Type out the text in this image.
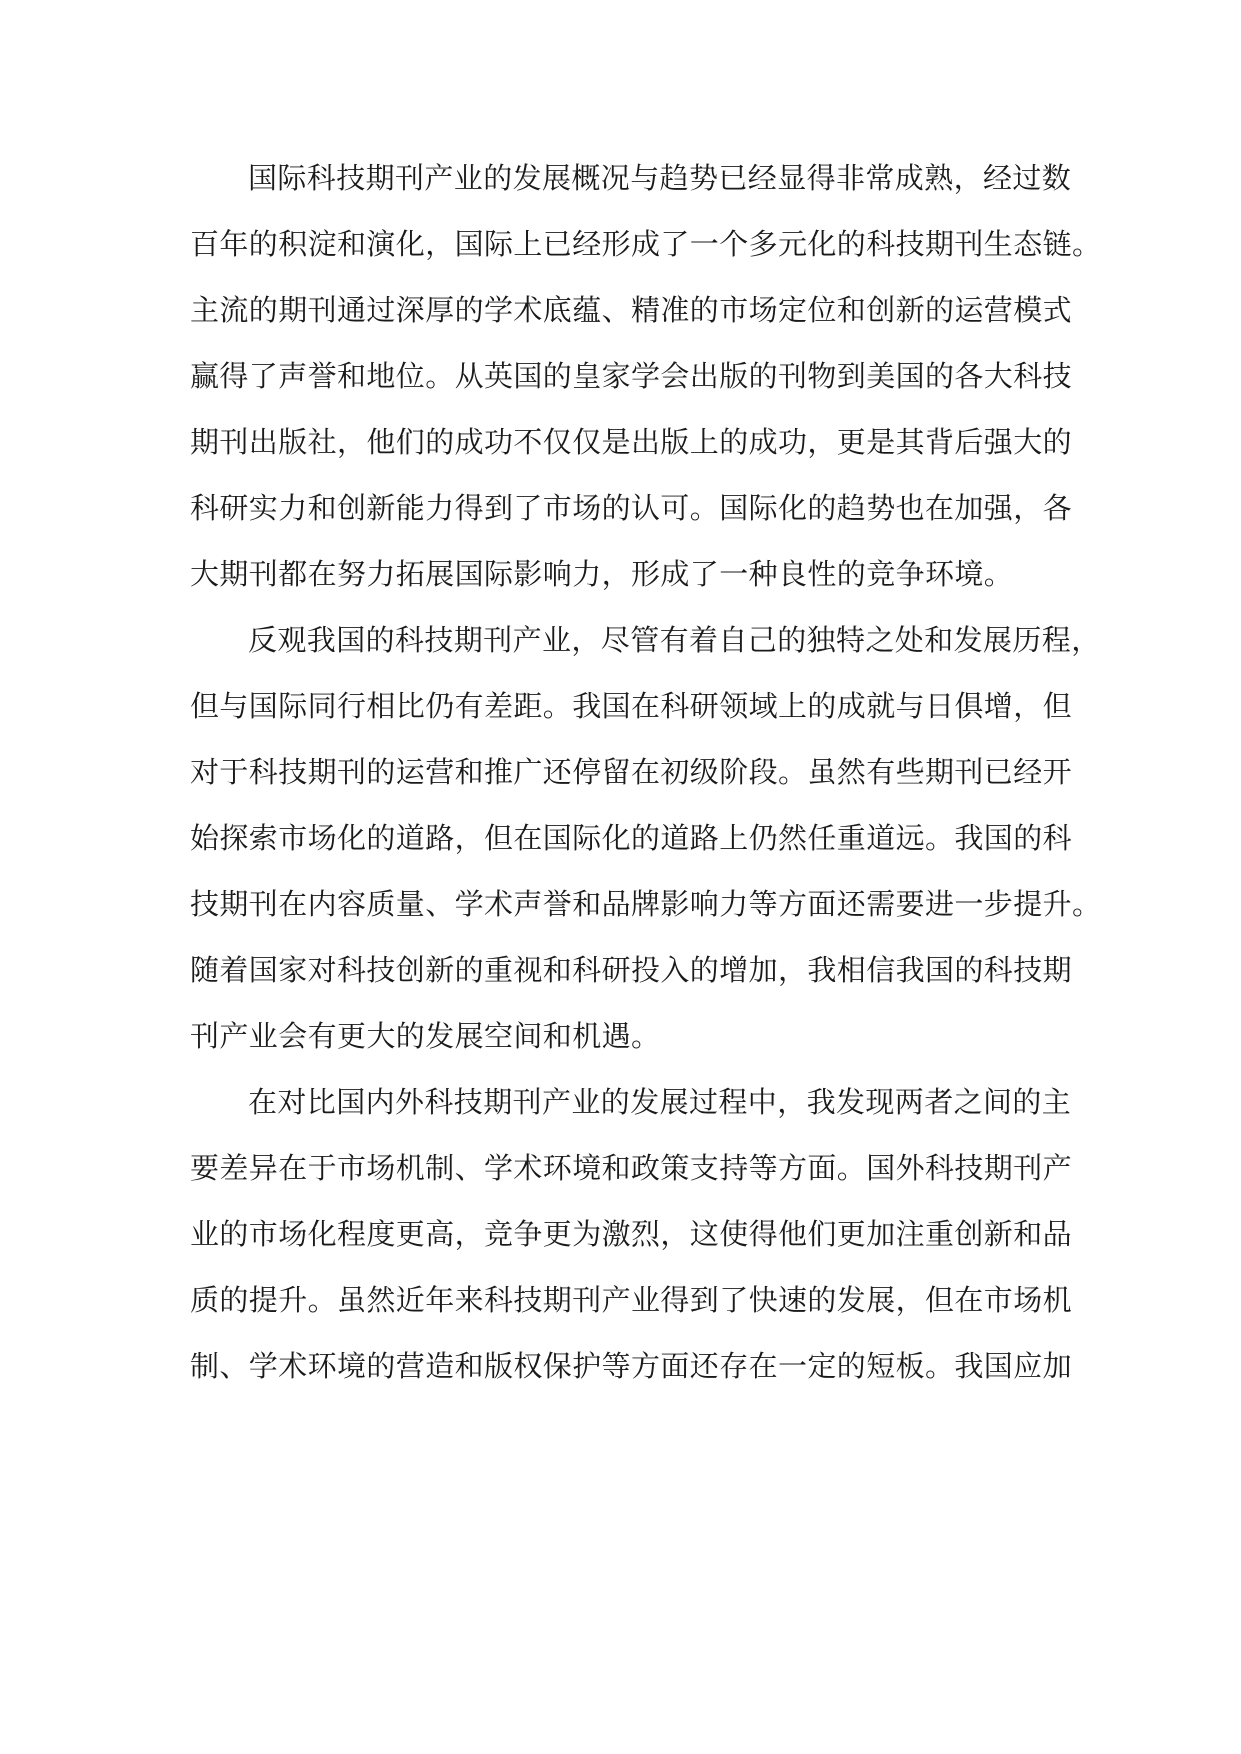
国际科技期刊产业的发展概况与趋势已经显得非常成熟，经过数
百年的积淀和演化，国际上已经形成了一个多元化的科技期刊生态链。
主流的期刊通过深厚的学术底蕴、精准的市场定位和创新的运营模式
赢得了声誉和地位。从英国的皇家学会出版的刊物到美国的各大科技
期刊出版社，他们的成功不仅仅是出版上的成功，更是其背后强大的
科研实力和创新能力得到了市场的认可。国际化的趋势也在加强，各
大期刊都在努力拓展国际影响力，形成了一种良性的竞争环境。
反观我国的科技期刊产业，尽管有着自己的独特之处和发展历程，
但与国际同行相比仍有差距。我国在科研领域上的成就与日俱增，但
对于科技期刊的运营和推广还停留在初级阶段。虽然有些期刊已经开
始探索市场化的道路，但在国际化的道路上仍然任重道远。我国的科
技期刊在内容质量、学术声誉和品牌影响力等方面还需要进一步提升。
随着国家对科技创新的重视和科研投入的增加，我相信我国的科技期
刊产业会有更大的发展空间和机遇。
在对比国内外科技期刊产业的发展过程中，我发现两者之间的主
要差异在于市场机制、学术环境和政策支持等方面。国外科技期刊产
业的市场化程度更高，竞争更为激烈，这使得他们更加注重创新和品
质的提升。虽然近年来科技期刊产业得到了快速的发展，但在市场机
制、学术环境的营造和版权保护等方面还存在一定的短板。我国应加
